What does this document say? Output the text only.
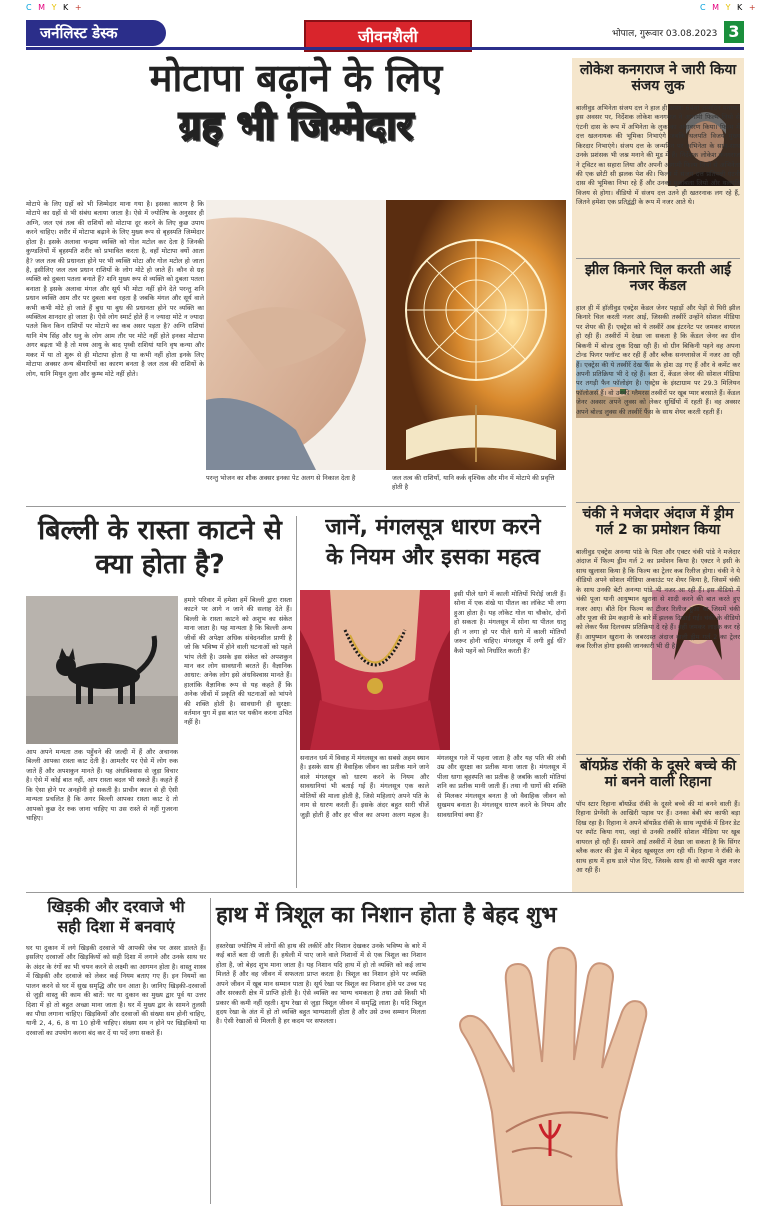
C M Y K +	C M Y K +
जर्नलिस्ट डेस्क	जीवनशैली	भोपाल, गुरूवार 03.08.2023 3
मोटापा बढ़ाने के लिए
ग्रह भी जिम्मेदार
मोटापे के लिए ग्रहों को भी जिम्मेदार माना गया है। इसका कारण है कि मोटापे का ग्रहों से भी संबंध बताया जाता है। ऐसे में ज्योतिष के अनुसार ही अग्नि, जल एवं तत्व की राशियों को मोटापा दूर करने के लिए कुछ उपाय करने चाहिए। शरीर में मोटापा बढ़ाने के लिए मुख्य रूप से बृहस्पति जिम्मेदार होता है। इसके अलावा चन्द्रमा व्यक्ति को गोल मटोल कर देता है जिनकी कुण्डलियों में बृहस्पति शरीर को प्रभावित करता है, वहाँ मोटापा क्यों आता है? जल तत्व की प्रधानता होने पर भी व्यक्ति मोटा और गोल मटोल हो जाता है, इसीलिए जल तत्व प्रधान राशियों के लोग मोटे हो जाते हैं। कौन से ग्रह व्यक्ति को दुबला पतला बनाते हैं? शनि मुख्य रूप से व्यक्ति को दुबला पतला बनाता है इसके अलावा मंगल और सूर्य भी मोटा नहीं होने देते परन्तु शनि प्रधान व्यक्ति आम तौर पर दुबला बना रहता है जबकि मंगल और सूर्य वाले कभी कभी मोटे हो जाते हैं बुध या बुध की प्रधानता होने पर व्यक्ति का व्यक्तित्व शानदार हो जाता है। ऐसे लोग स्मार्ट होते हैं न ज्यादा मोटे न ज्यादा पतले किन किन राशियों पर मोटापे का कब असर पड़ता है? अग्नि राशियां यानि मेष सिंह और धनु के लोग आम तौर पर मोटे नहीं होते इनका मोटापा अगर बढ़ता भी है तो मध्य आयु के बाद पृथ्वी राशियां यानि वृष कन्या और मकर में या तो शुरू से ही मोटापा होता है या कभी नहीं होता इनके लिए मोटापा अक्सर अन्य बीमारियों का कारण बनता है जल तत्व की राशियों के लोग, यानि मिथुन तुला और कुम्भ मोटे नहीं होते।
परन्तु भोजन का शौक अक्सर इनका पेट अलग से निकाल देता है	जल तत्व की राशियाँ, यानि कर्क वृश्चिक और मीन में मोटापे की प्रवृत्ति होती है
बिल्ली के रास्ता काटने से
क्या होता है?
आप अपने मन्यता तक पहुँचने की जल्दी में हैं और अचानक बिल्ली आपका रास्ता काट देती है। आमतौर पर ऐसे में लोग रुक जाते हैं और अपशकुन मानते हैं। यह अंधविश्वास से जुड़ा विचार है। ऐसे में कोई बात नहीं, आप रास्ता बदल भी सकते हैं। कहते हैं कि ऐसा होने पर अनहोनी हो सकती है। प्राचीन काल से ही ऐसी मान्यता प्रचलित है कि अगर बिल्ली आपका रास्ता काट दे तो आपको कुछ देर रुक जाना चाहिए या उस रास्ते से नहीं गुजरना चाहिए।
हमारे परिवार में हमेशा हमें बिल्ली द्वारा रास्ता काटने पर आगे न जाने की सलाह देते हैं। बिल्ली के रास्ता काटने को अशुभ का संकेत माना जाता है। यह मान्यता है कि बिल्ली अन्य जीवों की अपेक्षा अधिक संवेदनशील प्राणी है जो कि भविष्य में होने वाली घटनाओं को पहले भांप लेती है। उसके इस संकेत को अपशकुन मान कर लोग सावधानी बरतते हैं। वैज्ञानिक आधार: अनेक लोग इसे अंधविश्वास मानते हैं। हालांकि वैज्ञानिक रूप से यह कहते हैं कि अनेक जीवों में प्रकृति की घटनाओं को भांपने की शक्ति होती है। सावधानी ही सुरक्षा: वर्तमान युग में इस बात पर यकीन करना उचित नहीं है।
जानें, मंगलसूत्र धारण करने
के नियम और इसका महत्व
इसी पीले धागे में काली मोतियों पिरोई जाती हैं। सोना में एक शंखे या पीतल का लॉकेट भी लगा हुआ होता है। यह लॉकेट गोल या चौकोर, दोनों हो सकता है। मंगलसूत्र में सोना या पीतल धातु ही न लगा हो पर पीले धागे में काली मोतियाँ जरूर होनी चाहिए। मंगलसूत्र में लगी हुई धीं? कैसे पहनें को निर्धारित करती हैं?
सनातन धर्म में विवाह में मंगलसूत्र का सबसे अहम स्थान है। इसके साथ ही वैवाहिक जीवन का प्रतीक माने जाने वाले मंगलसूत्र को धारण करने के नियम और सावधानियां भी बताई गई हैं। मंगलसूत्र एक काले मोतियों की माला होती है, जिसे महिलाएं अपने पति के नाम से धारण करती हैं। इसके अंदर बहुत सारी चीजें जुड़ी होती हैं और हर चीज का अपना अलग महत्व है। मंगलसूत्र गले में पहना जाता है और यह पति की लंबी उम्र और सुरक्षा का प्रतीक माना जाता है। मंगलसूत्र में पीला धागा बृहस्पति का प्रतीक है जबकि काली मोतियां शनि का प्रतीक मानी जाती हैं। तथा नौ धागों की शक्ति से मिलकर मंगलसूत्र बनता है जो वैवाहिक जीवन को सुखमय बनाता है। मंगलसूत्र धारण करने के नियम और सावधानियां क्या हैं?
लोकेश कनगराज ने जारी किया संजय लुक
बालीवुड अभिनेता संजय दत्त ने हाल ही अपना 64वां जन्मदिन मनाया। इस अवसर पर, निर्देशक लोकेश कनगराज ने आगामी फिल्म लियो से एंटनी दास के रूप में अभिनेता के लुक का अनावरण किया। फिल्म में दत्त खलनायक की भूमिका निभाएंगे जबकि थलपति विजय मुख्य किरदार निभाएंगे। संजय दत्त के जन्मदिन पर अभिनेता के साथ-साथ उनके प्रशंसक भी जश्न मनाने की मूड में हैं। निर्देशक लोकेश कनगराज ने ट्विटर का सहारा लिया और अपनी आगामी फिल्म लियो से अभिनेता की एक छोटी सी झलक पेश की। फिल्म में संजय दत्त प्रतिपक्षी एंटनी दास की भूमिका निभा रहे हैं और उनका मुकाबला लियो और थलपति विजय से होगा। वीडियो में संजय दत्त उतने ही खतरनाक लग रहे हैं, जितने हमेशा एक प्रतिद्वंद्वी के रूप में नजर आते थे।
झील किनारे चिल करती आई नजर केंडल
हाल ही में हॉलीवुड एक्ट्रेस केंडल जेनर पहाड़ों और पेड़ों से घिरी झील किनारे चिल करती नजर आई, जिसकी तस्वीरें उन्होंने सोशल मीडिया पर शेयर की हैं। एक्ट्रेस को ये तस्वीरें अब इंटरनेट पर जमकर वायरल हो रही हैं। तस्वीरों में देखा जा सकता है कि केंडल जेनर का ग्रीन बिकनी में बोल्ड लुक दिखा रही हैं। वो ग्रीन बिकिनी पहने वह अपना टोन्ड फिगर फ्लॉन्ट कर रही हैं और ब्लैक सनग्लासेज में नजर आ रही हैं। एक्ट्रेस की ये तस्वीरें देख फैंस के होश उड़ गए हैं और वे कमेंट कर अपनी प्रतिक्रिया भी दे रहे हैं। बता दें, केंडल जेनर की सोशल मीडिया पर तगड़ी फैन फॉलोइंग है। एक्ट्रेस के इंस्टाग्राम पर 29.3 मिलियन फॉलोअर्स हैं। वो उनकी ग्लैमरस तस्वीरों पर खूब प्यार बरसाते हैं। केंडल जेनर अक्सर अपने लुक्स को लेकर सुर्खियों में रहती हैं। वह अक्सर अपने बोल्ड लुक्स की तस्वीरें फैंस के साथ शेयर करती रहती हैं।
चंकी ने मजेदार अंदाज में ड्रीम गर्ल 2 का प्रमोशन किया
बालीवुड एक्ट्रेस अनन्या पांडे के पिता और एक्टर चंकी पांडे ने मजेदार अंदाज में फिल्म ड्रीम गर्ल 2 का प्रमोशन किया है। एक्टर ने इसी के साथ खुलासा किया है कि फिल्म का ट्रेलर कब रिलीज होगा। चंकी ने ये वीडियो अपने सोशल मीडिया अकाउंट पर शेयर किया है, जिसमें चंकी के साथ उनकी बेटी अनन्या पांडे भी नजर आ रही हैं। इस वीडियो में चंकी पूजा यानी आयुष्मान खुराना से शादी करने की बात करते हुए नजर आए। बीते दिन फिल्म का टीजर रिलीज हुआ था जिसमें चंकी और पूजा की प्रेम कहानी के बारे में झलक दिखाई गई। चंकी के वीडियो को लेकर फैंस दिलचस्प प्रतिक्रिया दे रहे हैं। वहीं जमकर लाइक कर रहे हैं। आयुष्मान खुराना के जबरदस्त अंदाज वाली ड्रीम गर्ल 2 का ट्रेलर कब रिलीज होगा इसकी जानकारी भी दी है।
बॉयफ्रेंड रॉकी के दूसरे बच्चे की मां बनने वाली रिहाना
पॉप स्टार रिहाना बॉयफ्रेंड रॉकी के दूसरे बच्चे की मां बनने वाली हैं। रिहाना प्रेग्नेंसी के आखिरी पड़ाव पर हैं। उनका बेबी बंप काफी बड़ा दिख रहा है। रिहाना ने अपने बॉयफ्रेंड रॉकी के साथ न्यूयॉर्क में डिनर डेट पर स्पॉट किया गया, जहां से उनकी तस्वीरें सोशल मीडिया पर खूब वायरल हो रही हैं। सामने आई तस्वीरों में देखा जा सकता है कि सिंगर ब्लैक कलर की ड्रेस में बेहद खूबसूरत लग रही थीं। रिहाना ने रॉकी के साथ हाथ में हाथ डाले पोज दिए, जिसके साथ ही वो काफी खुश नजर आ रही हैं।
खिड़की और दरवाजे भी
सही दिशा में बनवाएं
घर या दुकान में लगे खिड़की दरवाजे भी आपकी जेब पर असर डालते हैं। इसलिए दरवाजों और खिड़कियों को सही दिशा में लगाने और उनके साथ घर के अंदर के रंगों का भी चयन करने से लक्ष्मी का आगमन होता है। वास्तु शास्त्र में खिड़की और दरवाजे को लेकर कई नियम बताए गए हैं। इन नियमों का पालन करने से घर में सुख समृद्धि और धन आता है। जानिए खिड़की-दरवाजों से जुड़ी वास्तु की काम की बातें: घर या दुकान का मुख्य द्वार पूर्व या उत्तर दिशा में हो तो बहुत अच्छा माना जाता है। घर में मुख्य द्वार के सामने तुलसी का पौधा लगाना चाहिए। खिड़कियों और दरवाजों की संख्या सम होनी चाहिए, यानी 2, 4, 6, 8 या 10 होनी चाहिए। संख्या सम न होने पर खिड़कियों या दरवाजों का उपयोग करना बंद कर दें या पर्दे लगा सकते हैं।
हाथ में त्रिशूल का निशान होता है बेहद शुभ
हस्तरेखा ज्योतिष में लोगों की हाथ की लकीरें और निशान देखकर उनके भविष्य के बारे में कई बातें बता दी जाती हैं। हथेली में पाए जाने वाले निशानों में से एक त्रिशूल का निशान होता है, जो बेहद शुभ माना जाता है। यह निशान यदि हाथ में हो तो व्यक्ति को कई लाभ मिलते हैं और वह जीवन में सफलता प्राप्त करता है। त्रिशूल का निशान होने पर व्यक्ति अपने जीवन में खूब मान सम्मान पाता है। सूर्य रेखा पर त्रिशूल का निशान होने पर उच्च पद और सरकारी क्षेत्र में प्राप्ति होती है। ऐसे व्यक्ति का भाग्य चमकता है तथा उसे किसी भी प्रकार की कमी नहीं रहती। शुभ रेखा से जुड़ा त्रिशूल जीवन में समृद्धि लाता है। यदि त्रिशूल हृदय रेखा के अंत में हो तो व्यक्ति बहुत भाग्यशाली होता है और उसे उच्च सम्मान मिलता है। ऐसी रेखाओं से मिलती है हर कदम पर सफलता।
